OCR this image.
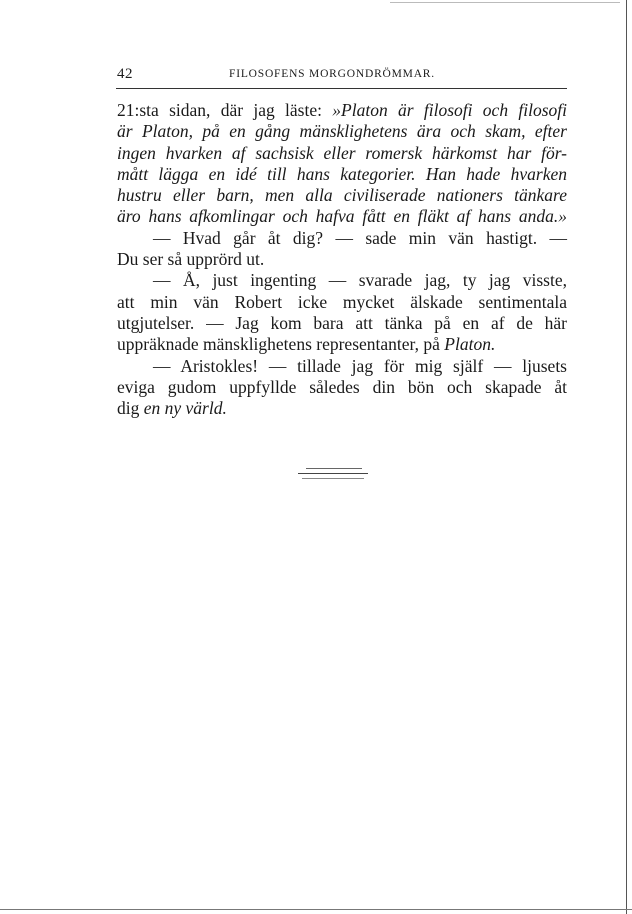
42	FILOSOFENS MORGONDRÖMMAR.
21:sta sidan, där jag läste: »Platon är filosofi och filosofi
är Platon, på en gång mänsklighetens ära och skam, efter
ingen hvarken af sachsisk eller romersk härkomst har för-
mått lägga en idé till hans kategorier. Han hade hvarken
hustru eller barn, men alla civiliserade nationers tänkare
äro hans afkomlingar och hafva fått en fläkt af hans anda.»
— Hvad går åt dig? — sade min vän hastigt. —
Du ser så upprörd ut.
— Å, just ingenting — svarade jag, ty jag visste,
att min vän Robert icke mycket älskade sentimentala
utgjutelser. — Jag kom bara att tänka på en af de här
uppräknade mänsklighetens representanter, på Platon.
— Aristokles! — tillade jag för mig själf — ljusets
eviga gudom uppfyllde således din bön och skapade åt
dig en ny värld.
